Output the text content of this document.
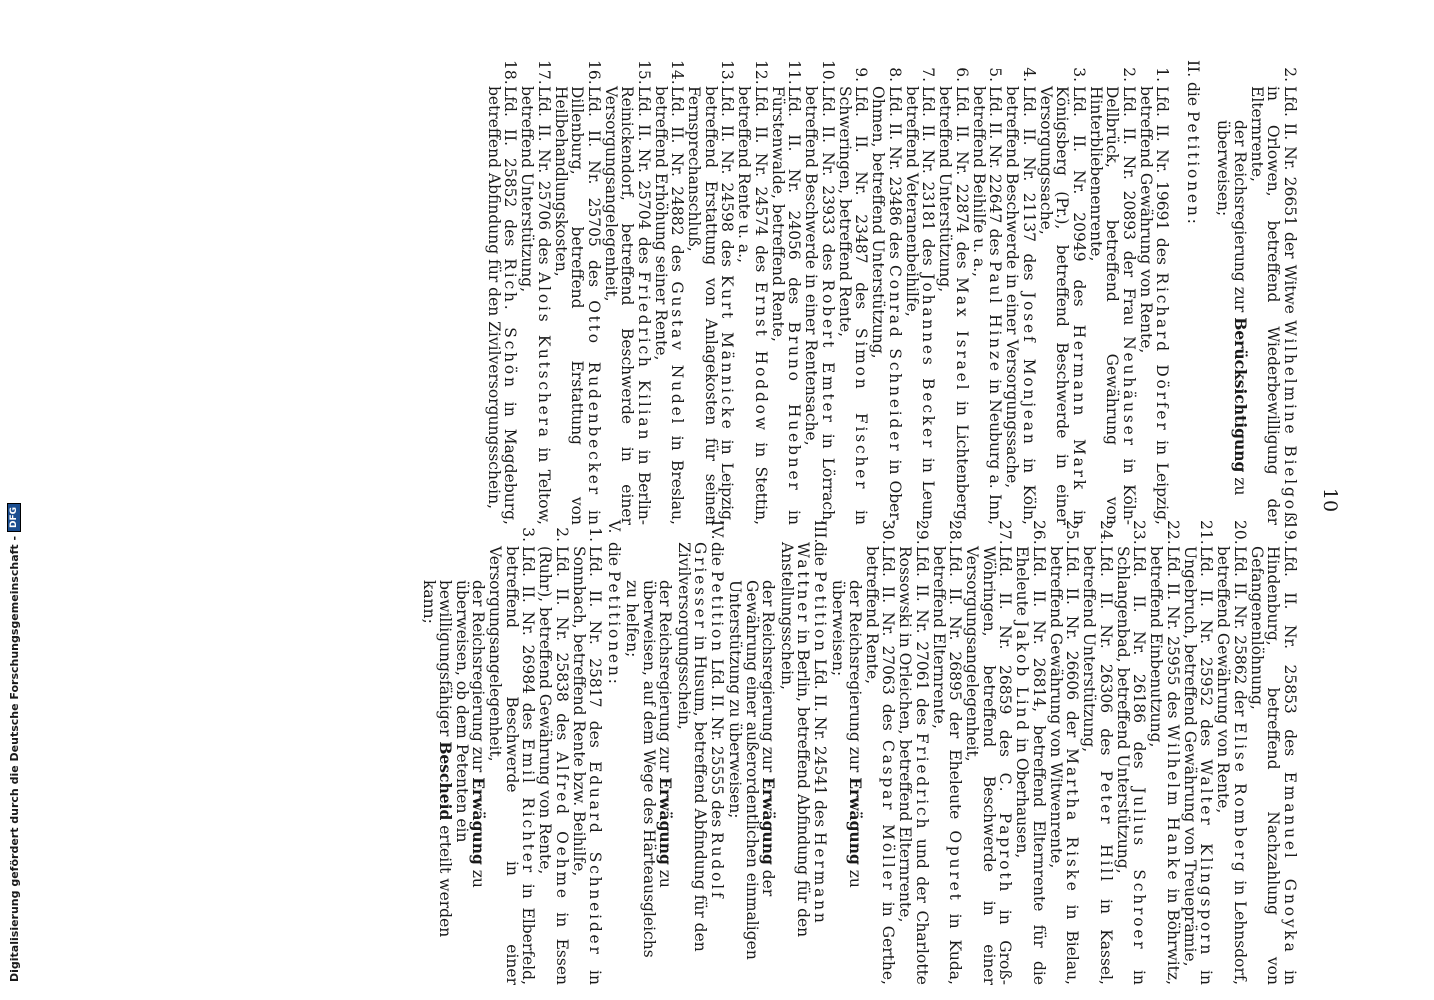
10
2.
Lfd. II. Nr. 26651 der Witwe Wilhelmine Bielgoß in Orlowen, betreffend Wiederbewilligung der Elternrente,
der Reichsregierung zur Berücksichtigung zu überweisen;
II.
die Petitionen:
1.
Lfd. II. Nr. 19691 des Richard Dörfer in Leipzig, betreffend Gewährung von Rente,
2.
Lfd. II. Nr. 20893 der Frau Neuhäuser in Köln-Dellbrück, betreffend Gewährung von Hinterbliebenenrente,
3.
Lfd. II. Nr. 20949 des Hermann Mark in Königsberg (Pr.), betreffend Beschwerde in einer Versorgungssache,
4.
Lfd. II. Nr. 21137 des Josef Monjean in Köln, betreffend Beschwerde in einer Versorgungssache,
5.
Lfd. II. Nr. 22647 des Paul Hinze in Neuburg a. Inn, betreffend Beihilfe u. a.,
6.
Lfd. II. Nr. 22874 des Max Israel in Lichtenberg, betreffend Unterstützung,
7.
Lfd. II. Nr. 23181 des Johannes Becker in Leun, betreffend Veteranenbeihilfe,
8.
Lfd. II. Nr. 23486 des Conrad Schneider in Ober-Ohmen, betreffend Unterstützung,
9.
Lfd. II. Nr. 23487 des Simon Fischer in Schweringen, betreffend Rente,
10.
Lfd. II. Nr. 23933 des Robert Emter in Lörrach, betreffend Beschwerde in einer Rentensache,
11.
Lfd. II. Nr. 24056 des Bruno Huebner in Fürstenwalde, betreffend Rente,
12.
Lfd. II. Nr. 24574 des Ernst Hoddow in Stettin, betreffend Rente u. a.,
13.
Lfd. II. Nr. 24598 des Kurt Männicke in Leipzig, betreffend Erstattung von Anlagekosten für seinen Fernsprechanschluß,
14.
Lfd. II. Nr. 24882 des Gustav Nudel in Breslau, betreffend Erhöhung seiner Rente,
15.
Lfd. II. Nr. 25704 des Friedrich Kilian in Berlin-Reinickendorf, betreffend Beschwerde in einer Versorgungsangelegenheit,
16.
Lfd. II. Nr. 25705 des Otto Rudenbecker in Dillenburg, betreffend Erstattung von Heilbehandlungskosten,
17.
Lfd. II. Nr. 25706 des Alois Kutschera in Teltow, betreffend Unterstützung,
18.
Lfd. II. 25852 des Rich. Schön in Magdeburg, betreffend Abfindung für den Zivilversorgungsschein,
19.
Lfd. II. Nr. 25853 des Emanuel Gnoyka in Hindenburg, betreffend Nachzahlung von Gefangenenlöhnung,
20.
Lfd. II. Nr. 25862 der Elise Romberg in Lehnsdorf, betreffend Gewährung von Rente,
21.
Lfd. II. Nr. 25952 des Walter Klingsporn in Ungebruch, betreffend Gewährung von Treueprämie,
22.
Lfd. II. Nr. 25955 des Wilhelm Hanke in Böhrwitz, betreffend Einbenutzung,
23.
Lfd. II. Nr. 26186 des Julius Schroer in Schlangenbad, betreffend Unterstützung,
24.
Lfd. II. Nr. 26306 des Peter Hill in Kassel, betreffend Unterstützung,
25.
Lfd. II. Nr. 26606 der Martha Riske in Bielau, betreffend Gewährung von Witwenrente,
26.
Lfd. II. Nr. 26814, betreffend Elternrente für die Eheleute Jakob Lind in Oberhausen,
27.
Lfd. II. Nr. 26859 des C. Paproth in Groß-Wöhringen, betreffend Beschwerde in einer Versorgungsangelegenheit,
28.
Lfd. II. Nr. 26895 der Eheleute Opuret in Kuda, betreffend Elternrente,
29.
Lfd. II. Nr. 27061 des Friedrich und der Charlotte Rossowski in Orleichen, betreffend Elternrente,
30.
Lfd. II. Nr. 27063 des Caspar Möller in Gerthe, betreffend Rente,
der Reichsregierung zur Erwägung zu überweisen;
III.
die Petition Lfd. II. Nr. 24541 des Hermann Wattner in Berlin, betreffend Abfindung für den Anstellungsschein,
der Reichsregierung zur Erwägung der Gewährung einer außerordentlichen einmaligen Unterstützung zu überweisen;
IV.
die Petition Lfd. II. Nr. 25555 des Rudolf Griesser in Husum, betreffend Abfindung für den Zivilversorgungsschein,
der Reichsregierung zur Erwägung zu überweisen, auf dem Wege des Härteausgleichs zu helfen;
V.
die Petitionen:
1.
Lfd. II. Nr. 25817 des Eduard Schneider in Sonnbach, betreffend Rente bzw. Beihilfe,
2.
Lfd. II. Nr. 25838 des Alfred Oehme in Essen (Ruhr), betreffend Gewährung von Rente,
3.
Lfd. II. Nr. 26984 des Emil Richter in Elberfeld, betreffend Beschwerde in einer Versorgungsangelegenheit,
der Reichsregierung zur Erwägung zu überweisen, ob dem Petenten ein bewilligungsfähiger Bescheid erteilt werden kann;
Digitalisierung gefördert durch die Deutsche Forschungsgemeinschaft -
DFG
